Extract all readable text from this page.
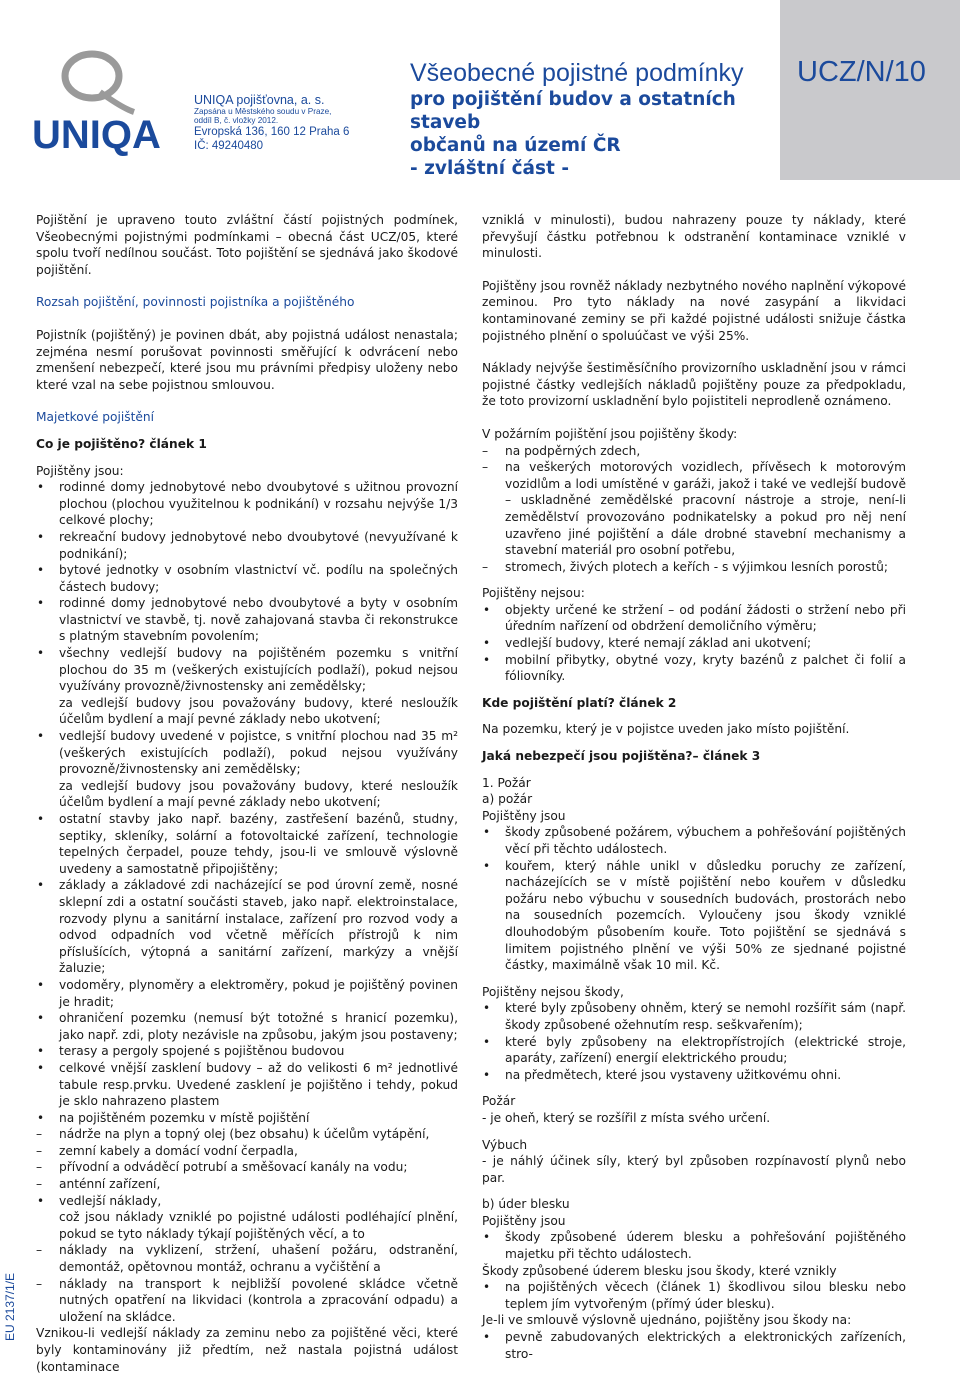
UNIQA
UNIQA pojišťovna, a. s.
Zapsána u Městského soudu v Praze,
oddíl B, č. vložky 2012.
Evropská 136, 160 12 Praha 6
IČ: 49240480
Všeobecné pojistné podmínky
pro pojištění budov a ostatních staveb
občanů na území ČR
- zvláštní část -
UCZ/N/10

Pojištění je upraveno touto zvláštní částí pojistných podmínek, Všeobecnými pojistnými podmínkami – obecná část UCZ/05, které spolu tvoří nedílnou součást. Toto pojištění se sjednává jako škodové pojištění.

Rozsah pojištění, povinnosti pojistníka a pojištěného

Pojistník (pojištěný) je povinen dbát, aby pojistná událost nenastala; zejména nesmí porušovat povinnosti směřující k odvrácení nebo zmenšení nebezpečí, které jsou mu právními předpisy uloženy nebo které vzal na sebe pojistnou smlouvou.

Majetkové pojištění

Co je pojištěno? článek 1

Pojištěny jsou:

• rodinné domy jednobytové nebo dvoubytové s užitnou provozní plochou (plochou využitelnou k podnikání) v rozsahu nejvýše 1/3 celkové plochy;
• rekreační budovy jednobytové nebo dvoubytové (nevyužívané k podnikání);
• bytové jednotky v osobním vlastnictví vč. podílu na společných částech budovy;
• rodinné domy jednobytové nebo dvoubytové a byty v osobním vlastnictví ve stavbě, tj. nově zahajovaná stavba či rekonstrukce s platným stavebním povolením;
• všechny vedlejší budovy na pojištěném pozemku s vnitřní plochou do 35 m (veškerých existujících podlaží), pokud nejsou využívány provozně/živnostensky ani zemědělsky;

za vedlejší budovy jsou považovány budovy, které nesloužík účelům bydlení a mají pevné základy nebo ukotvení;

• vedlejší budovy uvedené v pojistce, s vnitřní plochou nad 35 m² (veškerých existujících podlaží), pokud nejsou využívány provozně/živnostensky ani zemědělsky;

za vedlejší budovy jsou považovány budovy, které nesloužík účelům bydlení a mají pevné základy nebo ukotvení;

• ostatní stavby jako např. bazény, zastřešení bazénů, studny, septiky, skleníky, solární a fotovoltaické zařízení, technologie tepelných čerpadel, pouze tehdy, jsou-li ve smlouvě výslovně uvedeny a samostatně připojištěny;
• základy a základové zdi nacházející se pod úrovní země, nosné sklepní zdi a ostatní součásti staveb, jako např. elektroinstalace, rozvody plynu a sanitární instalace, zařízení pro rozvod vody a odvod odpadních vod včetně měřících přístrojů k nim příslušících, výtopná a sanitární zařízení, markýzy a vnější žaluzie;
• vodoměry, plynoměry a elektroměry, pokud je pojištěný povinen je hradit;
• ohraničení pozemku (nemusí být totožné s hranicí pozemku), jako např. zdi, ploty nezávisle na způsobu, jakým jsou postaveny;
• terasy a pergoly spojené s pojištěnou budovou
• celkové vnější zasklení budovy – až do velikosti 6 m² jednotlivé tabule resp.prvku. Uvedené zasklení je pojištěno i tehdy, pokud je sklo nahrazeno plastem
• na pojištěném pozemku v místě pojištění
– nádrže na plyn a topný olej (bez obsahu) k účelům vytápění,
– zemní kabely a domácí vodní čerpadla,
– přívodní a odváděcí potrubí a směšovací kanály na vodu;
– anténní zařízení,
• vedlejší náklady,

což jsou náklady vzniklé po pojistné události podléhající plnění, pokud se tyto náklady týkají pojištěných věcí, a to

– náklady na vyklizení, stržení, uhašení požáru, odstranění, demontáž, opětovnou montáž, ochranu a vyčištění a
– náklady na transport k nejbližší povolené skládce včetně nutných opatření na likvidaci (kontrola a zpracování odpadu) a uložení na skládce.

Vznikou-li vedlejší náklady za zeminu nebo za pojištěné věci, které byly kontaminovány již předtím, než nastala pojistná událost (kontaminace

vzniklá v minulosti), budou nahrazeny pouze ty náklady, které převyšují částku potřebnou k odstranění kontaminace vzniklé v minulosti.

Pojištěny jsou rovněž náklady nezbytného nového naplnění výkopové zeminou. Pro tyto náklady na nové zasypání a likvidaci kontaminované zeminy se při každé pojistné události snižuje částka pojistného plnění o spoluúčast ve výši 25%.

Náklady nejvýše šestiměsíčního provizorního uskladnění jsou v rámci pojistné částky vedlejších nákladů pojištěny pouze za předpokladu, že toto provizorní uskladnění bylo pojistiteli neprodleně oznámeno.

V požárním pojištění jsou pojištěny škody:

– na podpěrných zdech,
– na veškerých motorových vozidlech, přívěsech k motorovým vozidlům a lodi umístěné v garáži, jakož i také ve vedlejší budově – uskladněné zemědělské pracovní nástroje a stroje, není-li zemědělství provozováno podnikatelsky a pokud pro něj není uzavřeno jiné pojištění a dále drobné stavební mechanismy a stavební materiál pro osobní potřebu,
– stromech, živých plotech a keřích - s výjimkou lesních porostů;

Pojištěny nejsou:

• objekty určené ke stržení – od podání žádosti o stržení nebo při úředním nařízení od obdržení demoličního výměru;
• vedlejší budovy, které nemají základ ani ukotvení;
• mobilní přibytky, obytné vozy, kryty bazénů z palchet či folií a fóliovníky.

Kde pojištění platí? článek 2

Na pozemku, který je v pojistce uveden jako místo pojištění.

Jaká nebezpečí jsou pojištěna?– článek 3

1. Požár

a) požár

Pojištěny jsou

• škody způsobené požárem, výbuchem a pohřešování pojištěných věcí při těchto událostech.
• kouřem, který náhle unikl v důsledku poruchy ze zařízení, nacházejících se v místě pojištění nebo kouřem v důsledku požáru nebo výbuchu v sousedních budovách, prostorách nebo na sousedních pozemcích. Vyloučeny jsou škody vzniklé dlouhodobým působením kouře. Toto pojištění se sjednává s limitem pojistného plnění ve výši 50% ze sjednané pojistné částky, maximálně však 10 mil. Kč.

Pojištěny nejsou škody,

• které byly způsobeny ohněm, který se nemohl rozšířit sám (např. škody způsobené ožehnutím resp. seškvařením);
• které byly způsobeny na elektropřístrojích (elektrické stroje, aparáty, zařízení) energií elektrického proudu;
• na předmětech, které jsou vystaveny užitkovému ohni.

Požár

- je oheň, který se rozšířil z místa svého určení.

Výbuch

- je náhlý účinek síly, který byl způsoben rozpínavostí plynů nebo par.

b) úder blesku

Pojištěny jsou

• škody způsobené úderem blesku a pohřešování pojištěného majetku při těchto událostech.

Škody způsobené úderem blesku jsou škody, které vznikly

• na pojištěných věcech (článek 1) škodlivou silou blesku nebo teplem jím vytvořeným (přímý úder blesku).

Je-li ve smlouvě výslovně ujednáno, pojištěny jsou škody na:

• pevně zabudovaných elektrických a elektronických zařízeních, stro-
EU 2137/1/E
